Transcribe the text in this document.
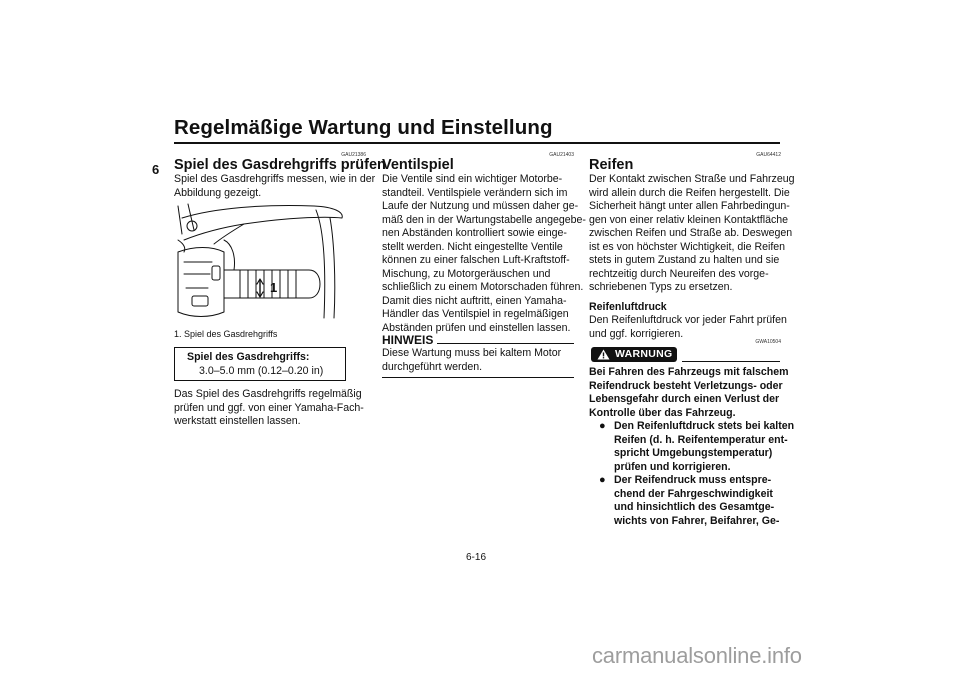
Regelmäßige Wartung und Einstellung
6
GAU21386
Spiel des Gasdrehgriffs prüfen
Spiel des Gasdrehgriffs messen, wie in der
Abbildung gezeigt.
1
1. Spiel des Gasdrehgriffs
Spiel des Gasdrehgriffs:
3.0–5.0 mm (0.12–0.20 in)
Das Spiel des Gasdrehgriffs regelmäßig
prüfen und ggf. von einer Yamaha-Fach-
werkstatt einstellen lassen.
GAU21403
Ventilspiel
Die Ventile sind ein wichtiger Motorbe-
standteil. Ventilspiele verändern sich im
Laufe der Nutzung und müssen daher ge-
mäß den in der Wartungstabelle angegebe-
nen Abständen kontrolliert sowie einge-
stellt werden. Nicht eingestellte Ventile
können zu einer falschen Luft-Kraftstoff-
Mischung, zu Motorgeräuschen und
schließlich zu einem Motorschaden führen.
Damit dies nicht auftritt, einen Yamaha-
Händler das Ventilspiel in regelmäßigen
Abständen prüfen und einstellen lassen.
HINWEIS
Diese Wartung muss bei kaltem Motor
durchgeführt werden.
GAU64412
Reifen
Der Kontakt zwischen Straße und Fahrzeug
wird allein durch die Reifen hergestellt. Die
Sicherheit hängt unter allen Fahrbedingun-
gen von einer relativ kleinen Kontaktfläche
zwischen Reifen und Straße ab. Deswegen
ist es von höchster Wichtigkeit, die Reifen
stets in gutem Zustand zu halten und sie
rechtzeitig durch Neureifen des vorge-
schriebenen Typs zu ersetzen.
Reifenluftdruck
Den Reifenluftdruck vor jeder Fahrt prüfen
und ggf. korrigieren.
GWA10504
WARNUNG
Bei Fahren des Fahrzeugs mit falschem
Reifendruck besteht Verletzungs- oder
Lebensgefahr durch einen Verlust der
Kontrolle über das Fahrzeug.
● Den Reifenluftdruck stets bei kalten
Reifen (d. h. Reifentemperatur ent-
spricht Umgebungstemperatur)
prüfen und korrigieren.
● Der Reifendruck muss entspre-
chend der Fahrgeschwindigkeit
und hinsichtlich des Gesamtge-
wichts von Fahrer, Beifahrer, Ge-
6-16
carmanualsonline.info
